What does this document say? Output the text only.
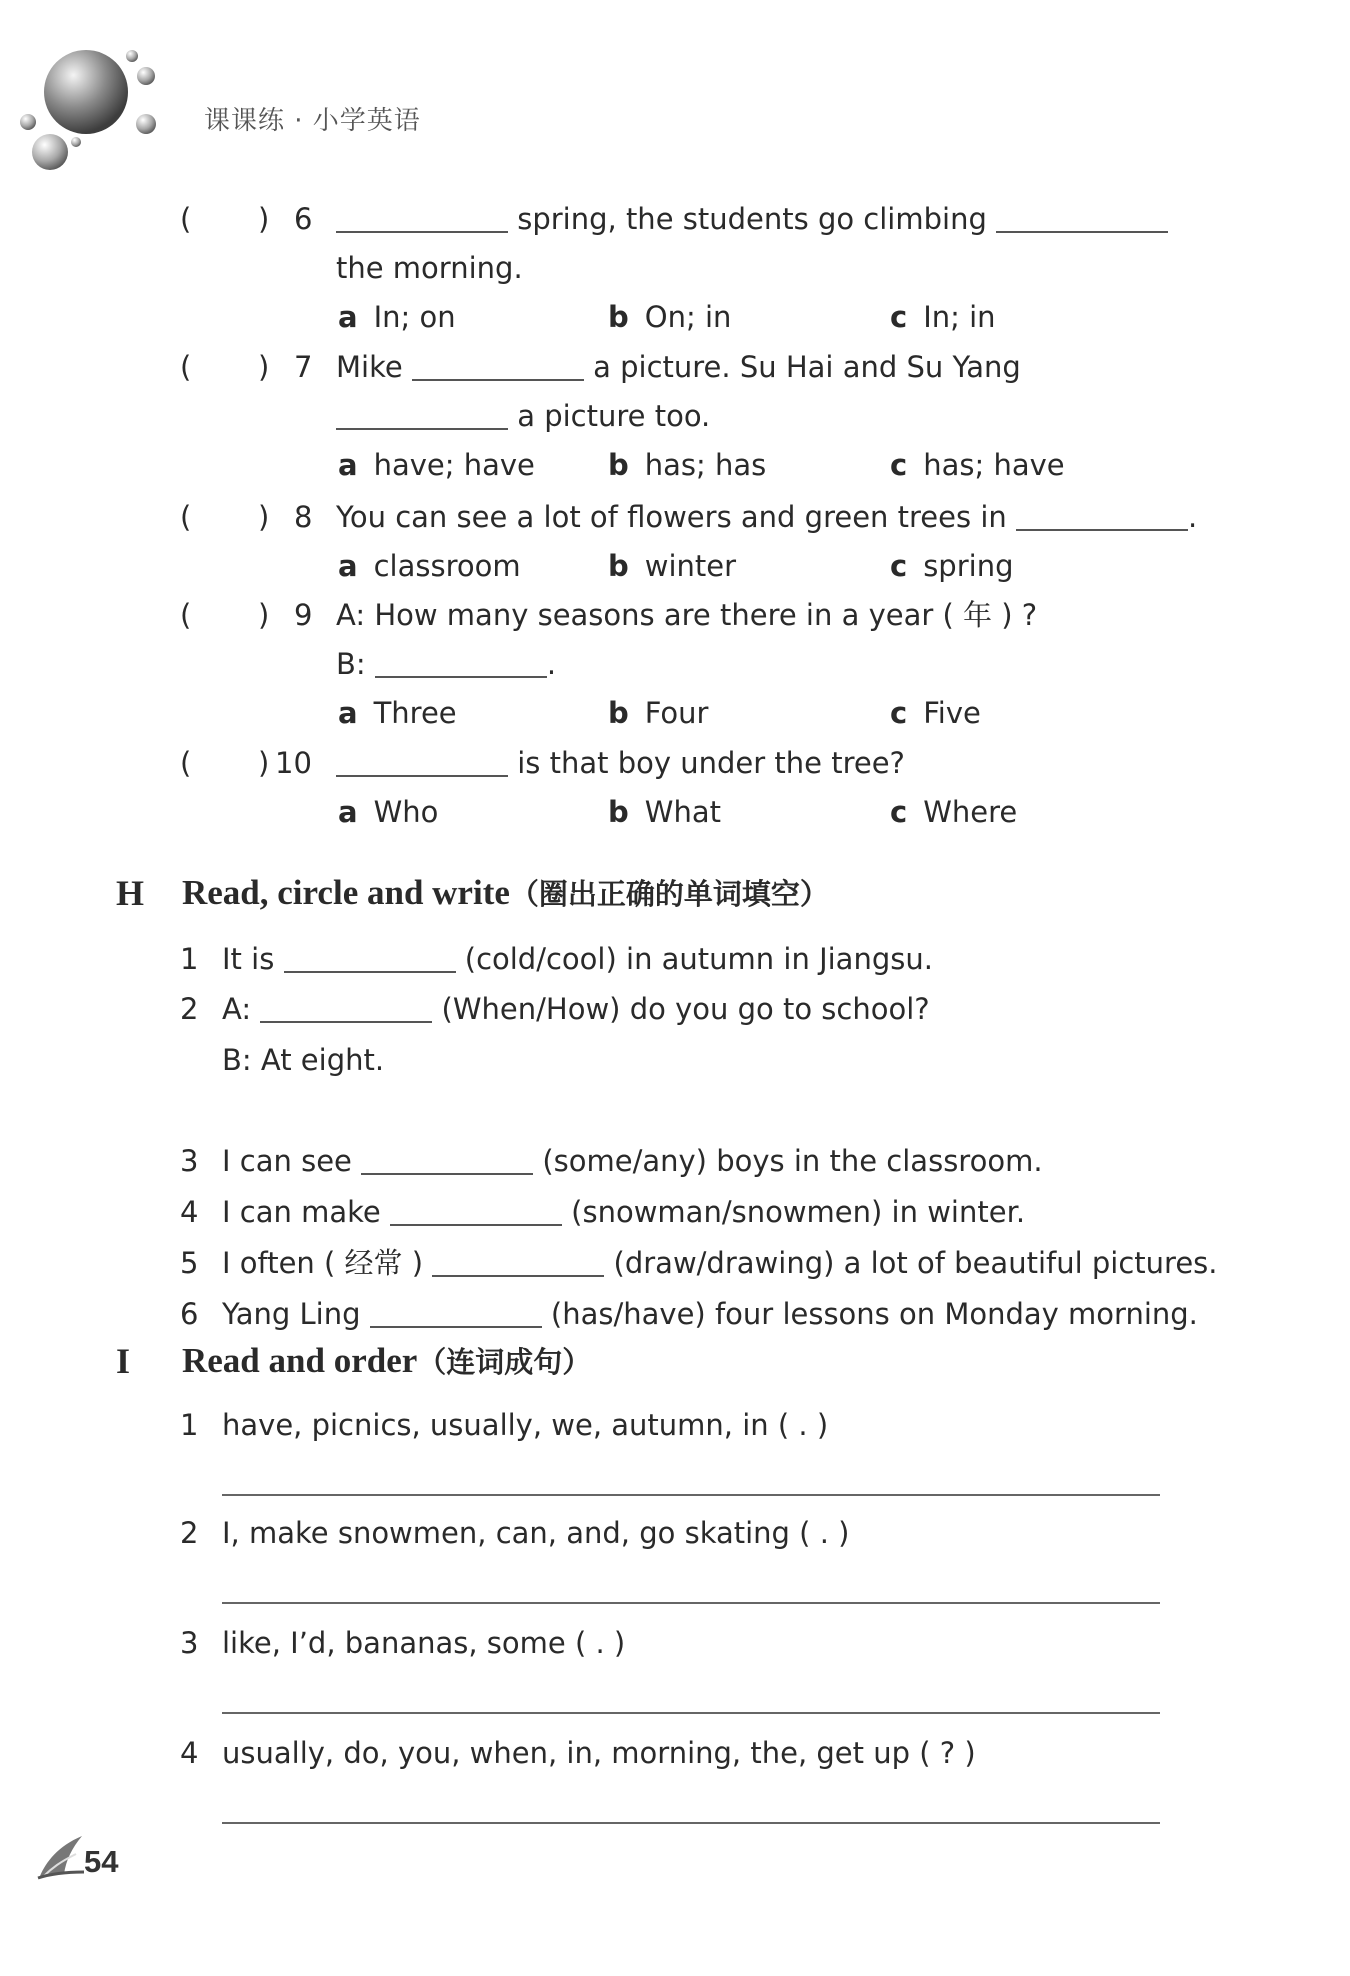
课课练 · 小学英语
( ) 6	spring, the students go climbing
the morning.
a In; on	b On; in	c In; in
( ) 7 Mike	a picture. Su Hai and Su Yang
a picture too.
a have; have	b has; has	c has; have
( ) 8 You can see a lot of flowers and green trees in	.
a classroom	b winter	c spring
( ) 9 A: How many seasons are there in a year ( 年 ) ?
B:	.
a Three	b Four	c Five
( ) 10	is that boy under the tree?
a Who	b What	c Where
H Read, circle and write（圈出正确的单词填空）
1 It is	(cold/cool) in autumn in Jiangsu.
2 A:	(When/How) do you go to school?
B: At eight.
3 I can see	(some/any) boys in the classroom.
4 I can make	(snowman/snowmen) in winter.
5 I often ( 经常 )	(draw/drawing) a lot of beautiful pictures.
6 Yang Ling	(has/have) four lessons on Monday morning.
I Read and order（连词成句）
1 have, picnics, usually, we, autumn, in ( . )
2 I, make snowmen, can, and, go skating ( . )
3 like, I’d, bananas, some ( . )
4 usually, do, you, when, in, morning, the, get up ( ? )
54
